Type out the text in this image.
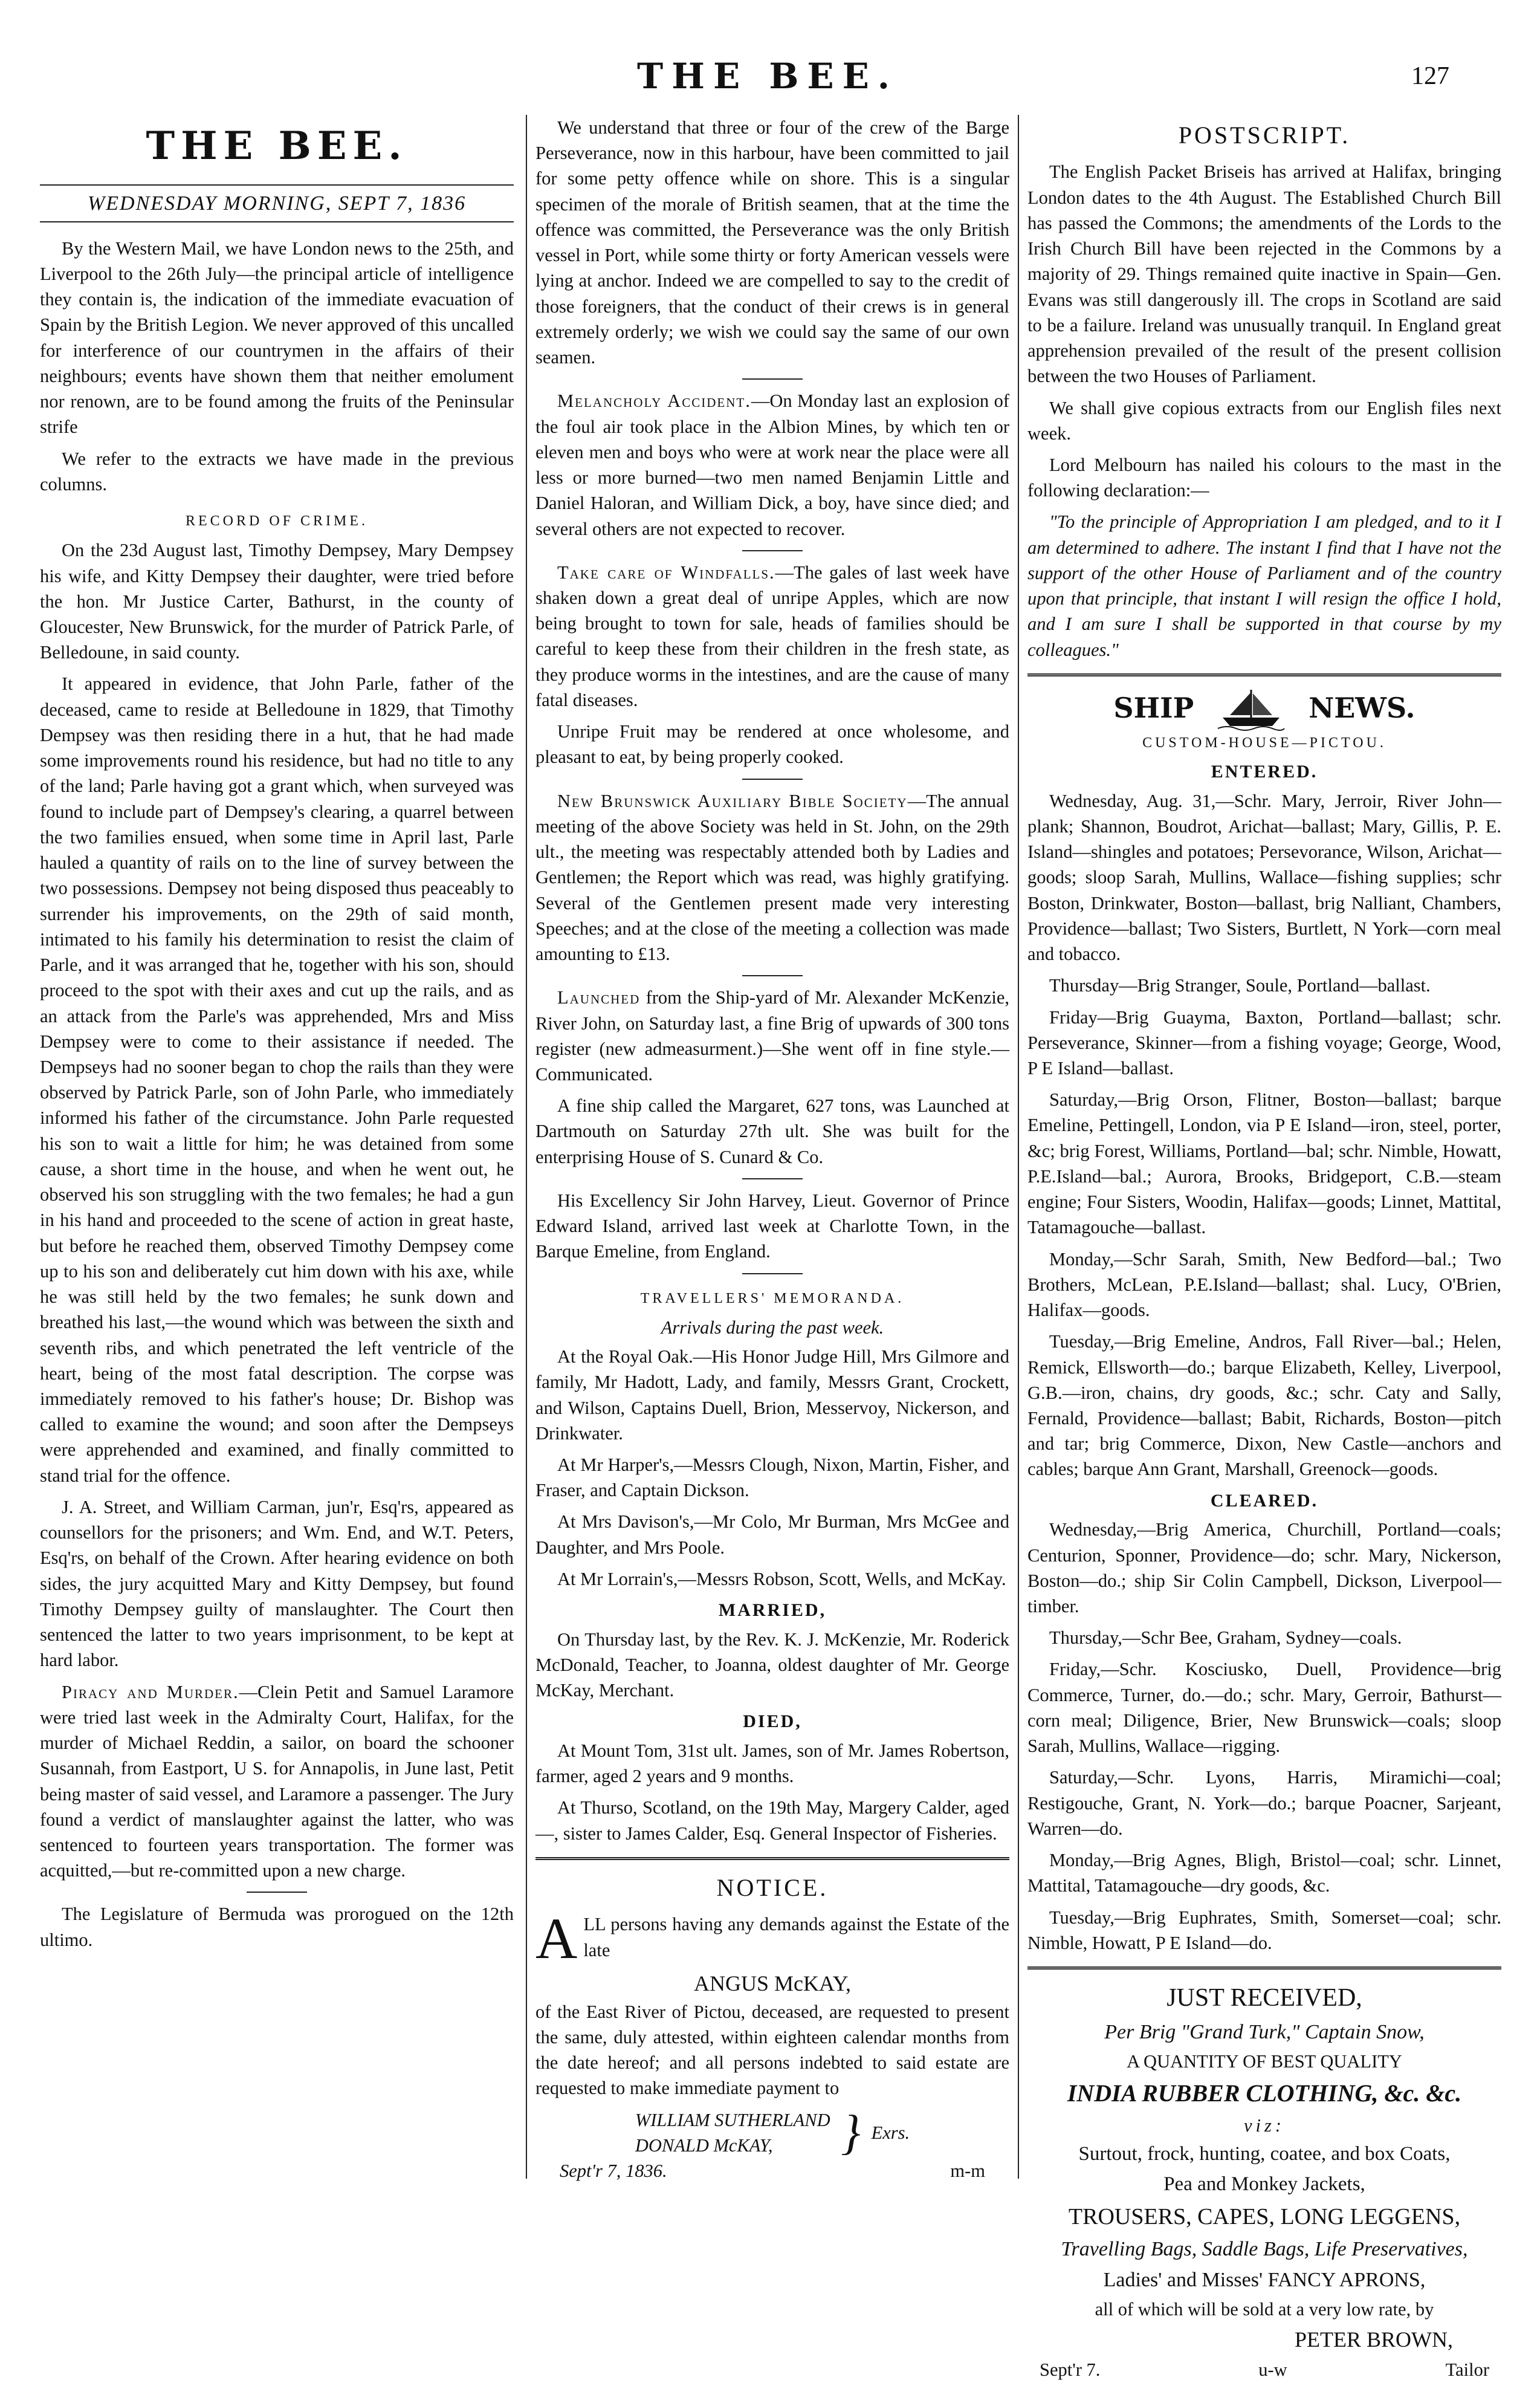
THE BEE.	127
THE BEE.
WEDNESDAY MORNING, SEPT 7, 1836

By the Western Mail, we have London news to the 25th, and Liverpool to the 26th July—the principal article of intelligence they contain is, the indication of the immediate evacuation of Spain by the British Legion. We never approved of this uncalled for interference of our countrymen in the affairs of their neighbours; events have shown them that neither emolument nor renown, are to be found among the fruits of the Peninsular strife

We refer to the extracts we have made in the previous columns.

RECORD OF CRIME.

On the 23d August last, Timothy Dempsey, Mary Dempsey his wife, and Kitty Dempsey their daughter, were tried before the hon. Mr Justice Carter, Bathurst, in the county of Gloucester, New Brunswick, for the murder of Patrick Parle, of Belledoune, in said county.

It appeared in evidence, that John Parle, father of the deceased, came to reside at Belledoune in 1829, that Timothy Dempsey was then residing there in a hut, that he had made some improvements round his residence, but had no title to any of the land; Parle having got a grant which, when surveyed was found to include part of Dempsey's clearing, a quarrel between the two families ensued, when some time in April last, Parle hauled a quantity of rails on to the line of survey between the two possessions. Dempsey not being disposed thus peaceably to surrender his improvements, on the 29th of said month, intimated to his family his determination to resist the claim of Parle, and it was arranged that he, together with his son, should proceed to the spot with their axes and cut up the rails, and as an attack from the Parle's was apprehended, Mrs and Miss Dempsey were to come to their assistance if needed. The Dempseys had no sooner began to chop the rails than they were observed by Patrick Parle, son of John Parle, who immediately informed his father of the circumstance. John Parle requested his son to wait a little for him; he was detained from some cause, a short time in the house, and when he went out, he observed his son struggling with the two females; he had a gun in his hand and proceeded to the scene of action in great haste, but before he reached them, observed Timothy Dempsey come up to his son and deliberately cut him down with his axe, while he was still held by the two females; he sunk down and breathed his last,—the wound which was between the sixth and seventh ribs, and which penetrated the left ventricle of the heart, being of the most fatal description. The corpse was immediately removed to his father's house; Dr. Bishop was called to examine the wound; and soon after the Dempseys were apprehended and examined, and finally committed to stand trial for the offence.

J. A. Street, and William Carman, jun'r, Esq'rs, appeared as counsellors for the prisoners; and Wm. End, and W.T. Peters, Esq'rs, on behalf of the Crown. After hearing evidence on both sides, the jury acquitted Mary and Kitty Dempsey, but found Timothy Dempsey guilty of manslaughter. The Court then sentenced the latter to two years imprisonment, to be kept at hard labor.

Piracy and Murder.—Clein Petit and Samuel Laramore were tried last week in the Admiralty Court, Halifax, for the murder of Michael Reddin, a sailor, on board the schooner Susannah, from Eastport, U S. for Annapolis, in June last, Petit being master of said vessel, and Laramore a passenger. The Jury found a verdict of manslaughter against the latter, who was sentenced to fourteen years transportation. The former was acquitted,—but re-committed upon a new charge.

The Legislature of Bermuda was prorogued on the 12th ultimo.

We understand that three or four of the crew of the Barge Perseverance, now in this harbour, have been committed to jail for some petty offence while on shore. This is a singular specimen of the morale of British seamen, that at the time the offence was committed, the Perseverance was the only British vessel in Port, while some thirty or forty American vessels were lying at anchor. Indeed we are compelled to say to the credit of those foreigners, that the conduct of their crews is in general extremely orderly; we wish we could say the same of our own seamen.

Melancholy Accident.—On Monday last an explosion of the foul air took place in the Albion Mines, by which ten or eleven men and boys who were at work near the place were all less or more burned—two men named Benjamin Little and Daniel Haloran, and William Dick, a boy, have since died; and several others are not expected to recover.

Take care of Windfalls.—The gales of last week have shaken down a great deal of unripe Apples, which are now being brought to town for sale, heads of families should be careful to keep these from their children in the fresh state, as they produce worms in the intestines, and are the cause of many fatal diseases.

Unripe Fruit may be rendered at once wholesome, and pleasant to eat, by being properly cooked.

New Brunswick Auxiliary Bible Society—The annual meeting of the above Society was held in St. John, on the 29th ult., the meeting was respectably attended both by Ladies and Gentlemen; the Report which was read, was highly gratifying. Several of the Gentlemen present made very interesting Speeches; and at the close of the meeting a collection was made amounting to £13.

Launched from the Ship-yard of Mr. Alexander McKenzie, River John, on Saturday last, a fine Brig of upwards of 300 tons register (new admeasurment.)—She went off in fine style.—Communicated.

A fine ship called the Margaret, 627 tons, was Launched at Dartmouth on Saturday 27th ult. She was built for the enterprising House of S. Cunard & Co.

His Excellency Sir John Harvey, Lieut. Governor of Prince Edward Island, arrived last week at Charlotte Town, in the Barque Emeline, from England.

TRAVELLERS' MEMORANDA.
Arrivals during the past week.

At the Royal Oak.—His Honor Judge Hill, Mrs Gilmore and family, Mr Hadott, Lady, and family, Messrs Grant, Crockett, and Wilson, Captains Duell, Brion, Messervoy, Nickerson, and Drinkwater.

At Mr Harper's,—Messrs Clough, Nixon, Martin, Fisher, and Fraser, and Captain Dickson.

At Mrs Davison's,—Mr Colo, Mr Burman, Mrs McGee and Daughter, and Mrs Poole.

At Mr Lorrain's,—Messrs Robson, Scott, Wells, and McKay.

MARRIED,

On Thursday last, by the Rev. K. J. McKenzie, Mr. Roderick McDonald, Teacher, to Joanna, oldest daughter of Mr. George McKay, Merchant.

DIED,

At Mount Tom, 31st ult. James, son of Mr. James Robertson, farmer, aged 2 years and 9 months.

At Thurso, Scotland, on the 19th May, Margery Calder, aged—, sister to James Calder, Esq. General Inspector of Fisheries.

NOTICE.

ALL persons having any demands against the Estate of the late

ANGUS McKAY,

of the East River of Pictou, deceased, are requested to present the same, duly attested, within eighteen calendar months from the date hereof; and all persons indebted to said estate are requested to make immediate payment to

WILLIAM SUTHERLAND
DONALD McKAY,	} Exrs.
Sept'r 7, 1836.	m-m
POSTSCRIPT.

The English Packet Briseis has arrived at Halifax, bringing London dates to the 4th August. The Established Church Bill has passed the Commons; the amendments of the Lords to the Irish Church Bill have been rejected in the Commons by a majority of 29. Things remained quite inactive in Spain—Gen. Evans was still dangerously ill. The crops in Scotland are said to be a failure. Ireland was unusually tranquil. In England great apprehension prevailed of the result of the present collision between the two Houses of Parliament.

We shall give copious extracts from our English files next week.

Lord Melbourn has nailed his colours to the mast in the following declaration:—

"To the principle of Appropriation I am pledged, and to it I am determined to adhere. The instant I find that I have not the support of the other House of Parliament and of the country upon that principle, that instant I will resign the office I hold, and I am sure I shall be supported in that course by my colleagues."

SHIP	NEWS.
CUSTOM-HOUSE—PICTOU.
ENTERED.

Wednesday, Aug. 31,—Schr. Mary, Jerroir, River John—plank; Shannon, Boudrot, Arichat—ballast; Mary, Gillis, P. E. Island—shingles and potatoes; Persevorance, Wilson, Arichat—goods; sloop Sarah, Mullins, Wallace—fishing supplies; schr Boston, Drinkwater, Boston—ballast, brig Nalliant, Chambers, Providence—ballast; Two Sisters, Burtlett, N York—corn meal and tobacco.

Thursday—Brig Stranger, Soule, Portland—ballast.

Friday—Brig Guayma, Baxton, Portland—ballast; schr. Perseverance, Skinner—from a fishing voyage; George, Wood, P E Island—ballast.

Saturday,—Brig Orson, Flitner, Boston—ballast; barque Emeline, Pettingell, London, via P E Island—iron, steel, porter, &c; brig Forest, Williams, Portland—bal; schr. Nimble, Howatt, P.E.Island—bal.; Aurora, Brooks, Bridgeport, C.B.—steam engine; Four Sisters, Woodin, Halifax—goods; Linnet, Mattital, Tatamagouche—ballast.

Monday,—Schr Sarah, Smith, New Bedford—bal.; Two Brothers, McLean, P.E.Island—ballast; shal. Lucy, O'Brien, Halifax—goods.

Tuesday,—Brig Emeline, Andros, Fall River—bal.; Helen, Remick, Ellsworth—do.; barque Elizabeth, Kelley, Liverpool, G.B.—iron, chains, dry goods, &c.; schr. Caty and Sally, Fernald, Providence—ballast; Babit, Richards, Boston—pitch and tar; brig Commerce, Dixon, New Castle—anchors and cables; barque Ann Grant, Marshall, Greenock—goods.

CLEARED.

Wednesday,—Brig America, Churchill, Portland—coals; Centurion, Sponner, Providence—do; schr. Mary, Nickerson, Boston—do.; ship Sir Colin Campbell, Dickson, Liverpool—timber.

Thursday,—Schr Bee, Graham, Sydney—coals.

Friday,—Schr. Kosciusko, Duell, Providence—brig Commerce, Turner, do.—do.; schr. Mary, Gerroir, Bathurst—corn meal; Diligence, Brier, New Brunswick—coals; sloop Sarah, Mullins, Wallace—rigging.

Saturday,—Schr. Lyons, Harris, Miramichi—coal; Restigouche, Grant, N. York—do.; barque Poacner, Sarjeant, Warren—do.

Monday,—Brig Agnes, Bligh, Bristol—coal; schr. Linnet, Mattital, Tatamagouche—dry goods, &c.

Tuesday,—Brig Euphrates, Smith, Somerset—coal; schr. Nimble, Howatt, P E Island—do.

JUST RECEIVED,
Per Brig "Grand Turk," Captain Snow,
A QUANTITY OF BEST QUALITY
INDIA RUBBER CLOTHING, &c. &c.
viz:
Surtout, frock, hunting, coatee, and box Coats,
Pea and Monkey Jackets,
TROUSERS, CAPES, LONG LEGGENS,
Travelling Bags, Saddle Bags, Life Preservatives,
Ladies' and Misses' FANCY APRONS,
all of which will be sold at a very low rate, by
PETER BROWN,
Sept'r 7.	u-w	Tailor
